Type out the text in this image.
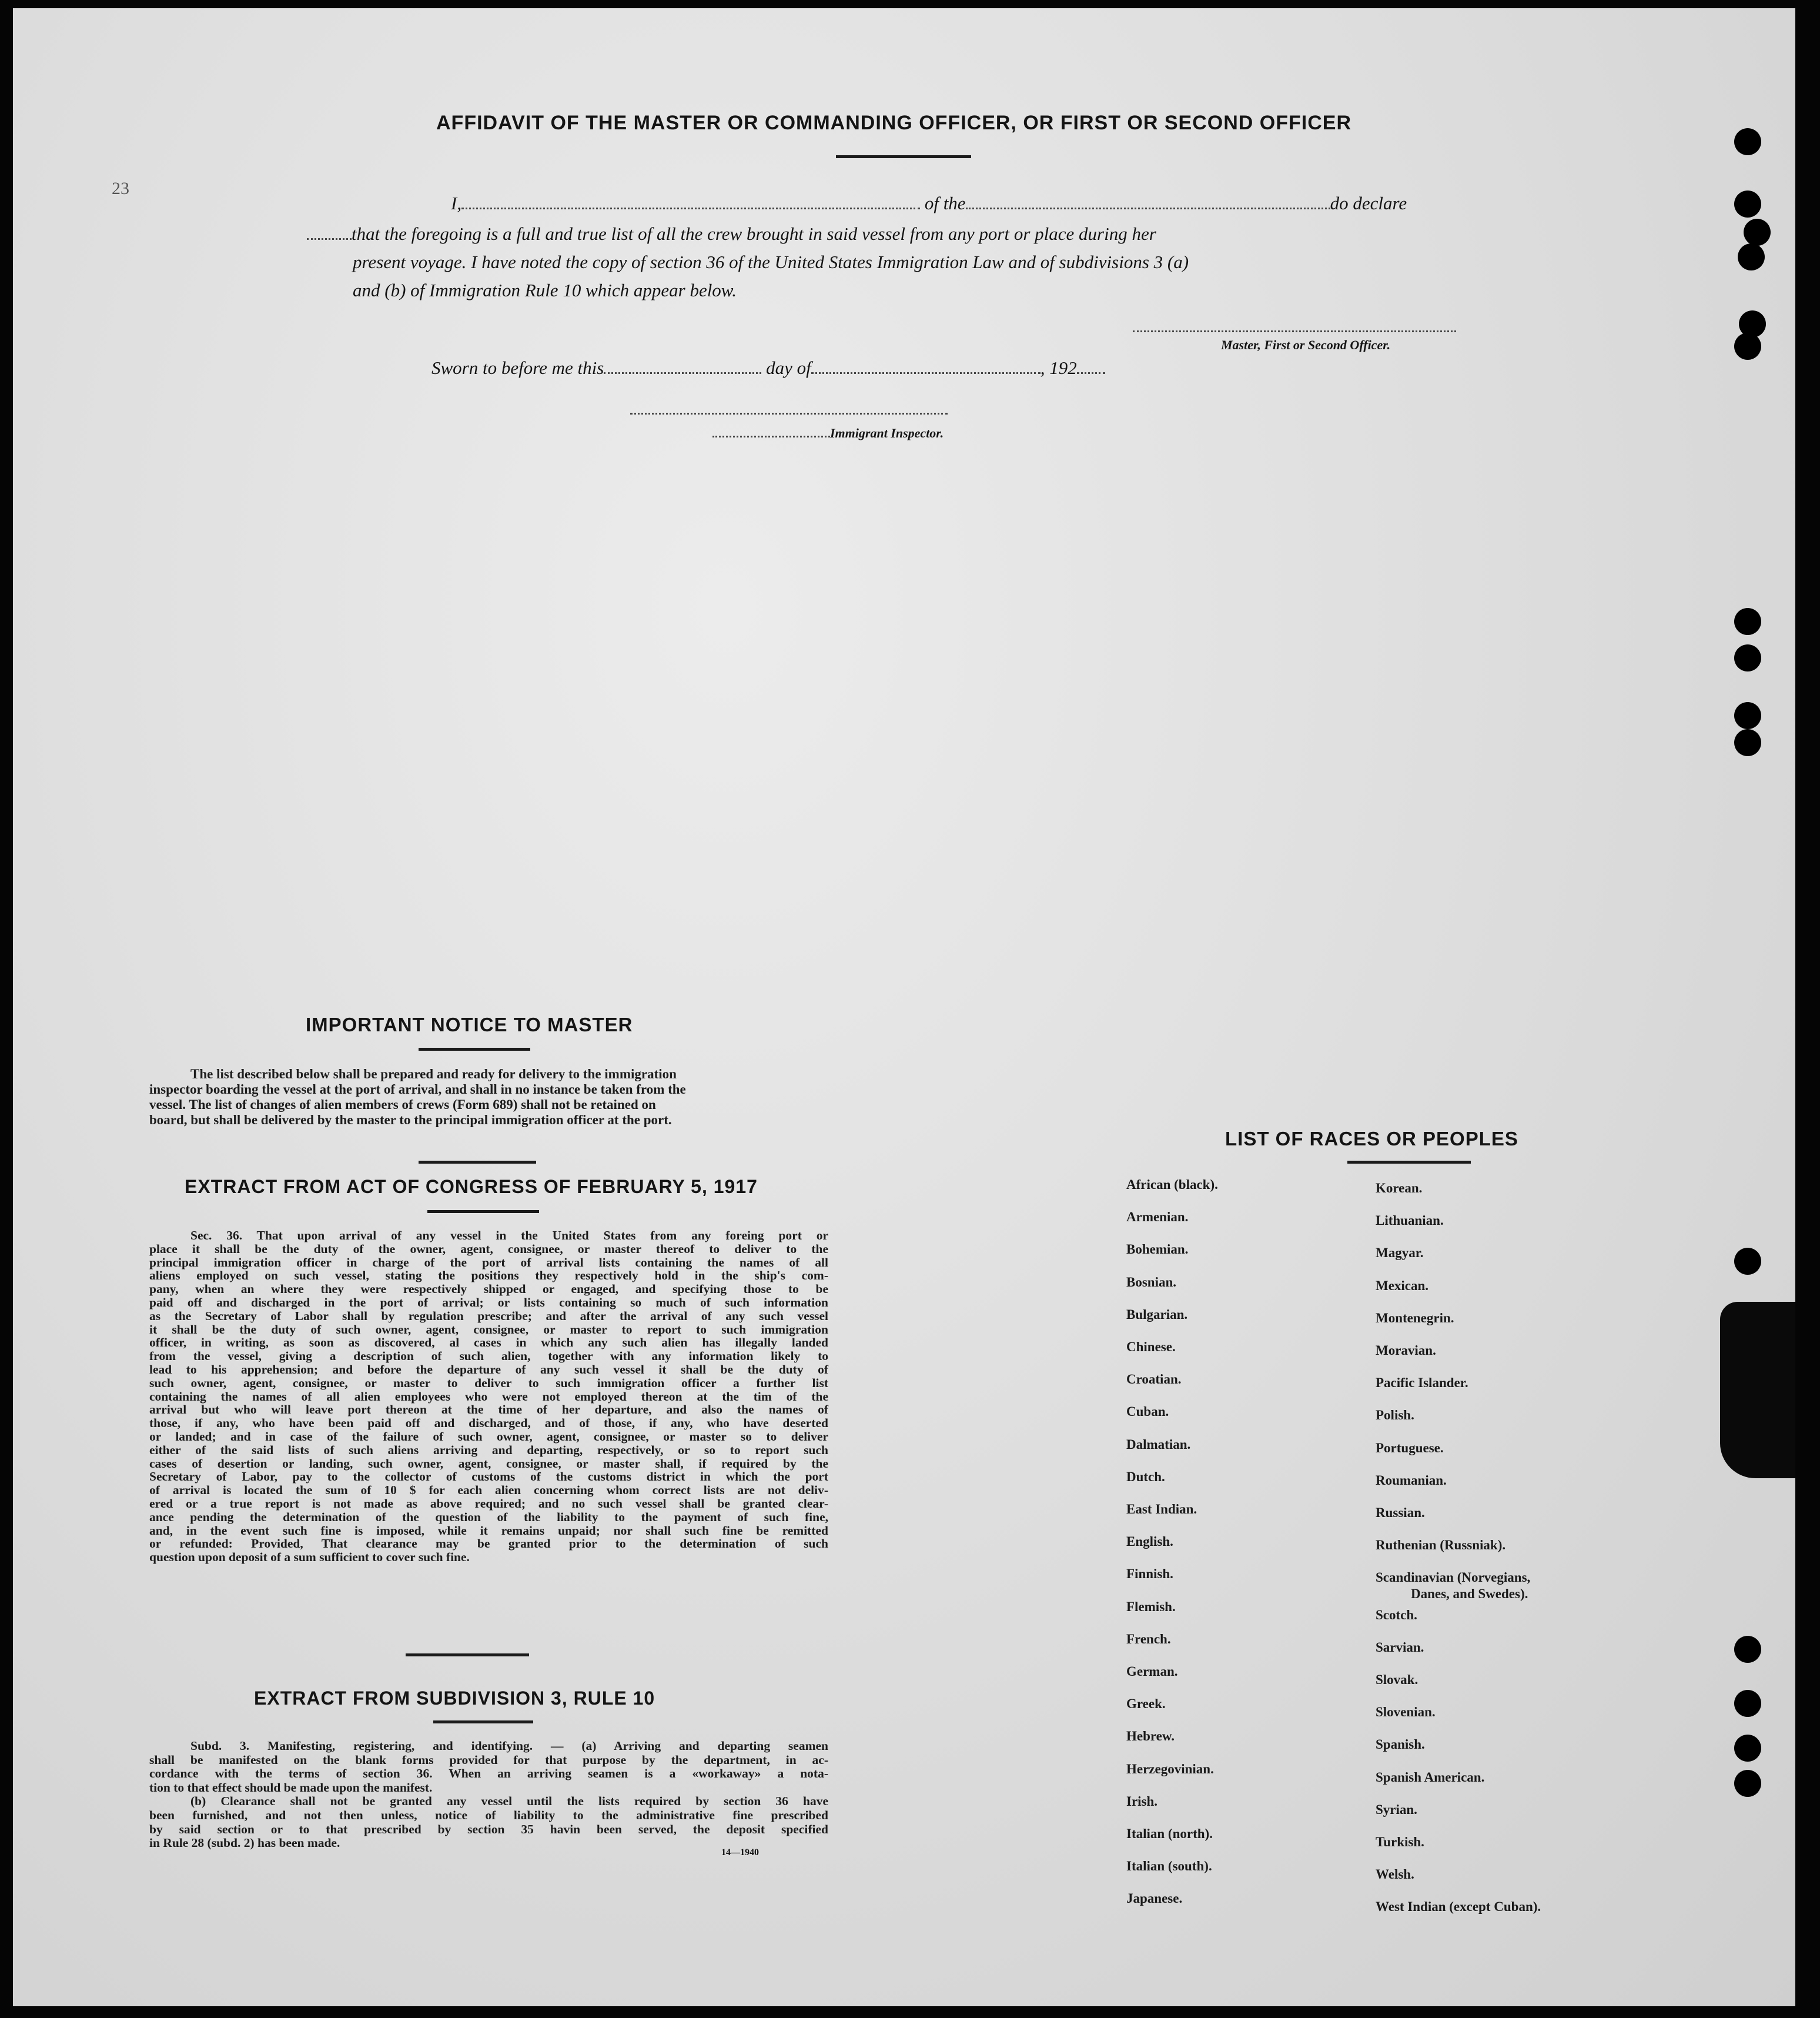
AFFIDAVIT OF THE MASTER OR COMMANDING OFFICER, OR FIRST OR SECOND OFFICER
23
I,	of the	do declare
that the foregoing is a full and true list of all the crew brought in said vessel from any port or place during her
present voyage. I have noted the copy of section 36 of the United States Immigration Law and of subdivisions 3 (a)
and (b) of Immigration Rule 10 which appear below.
Master, First or Second Officer.
Sworn to before me this	day of	, 192
Immigrant Inspector.
IMPORTANT NOTICE TO MASTER
The list described below shall be prepared and ready for delivery to the immigration
inspector boarding the vessel at the port of arrival, and shall in no instance be taken from the
vessel. The list of changes of alien members of crews (Form 689) shall not be retained on
board, but shall be delivered by the master to the principal immigration officer at the port.
EXTRACT FROM ACT OF CONGRESS OF FEBRUARY 5, 1917
Sec. 36. That upon arrival of any vessel in the United States from any foreing port or
place it shall be the duty of the owner, agent, consignee, or master thereof to deliver to the
principal immigration officer in charge of the port of arrival lists containing the names of all
aliens employed on such vessel, stating the positions they respectively hold in the ship's com-
pany, when an where they were respectively shipped or engaged, and specifying those to be
paid off and discharged in the port of arrival; or lists containing so much of such information
as the Secretary of Labor shall by regulation prescribe; and after the arrival of any such vessel
it shall be the duty of such owner, agent, consignee, or master to report to such immigration
officer, in writing, as soon as discovered, al cases in which any such alien has illegally landed
from the vessel, giving a description of such alien, together with any information likely to
lead to his apprehension; and before the departure of any such vessel it shall be the duty of
such owner, agent, consignee, or master to deliver to such immigration officer a further list
containing the names of all alien employees who were not employed thereon at the tim of the
arrival but who will leave port thereon at the time of her departure, and also the names of
those, if any, who have been paid off and discharged, and of those, if any, who have deserted
or landed; and in case of the failure of such owner, agent, consignee, or master so to deliver
either of the said lists of such aliens arriving and departing, respectively, or so to report such
cases of desertion or landing, such owner, agent, consignee, or master shall, if required by the
Secretary of Labor, pay to the collector of customs of the customs district in which the port
of arrival is located the sum of 10 $ for each alien concerning whom correct lists are not deliv-
ered or a true report is not made as above required; and no such vessel shall be granted clear-
ance pending the determination of the question of the liability to the payment of such fine,
and, in the event such fine is imposed, while it remains unpaid; nor shall such fine be remitted
or refunded: Provided, That clearance may be granted prior to the determination of such
question upon deposit of a sum sufficient to cover such fine.
EXTRACT FROM SUBDIVISION 3, RULE 10
Subd. 3. Manifesting, registering, and identifying. — (a) Arriving and departing seamen
shall be manifested on the blank forms provided for that purpose by the department, in ac-
cordance with the terms of section 36. When an arriving seamen is a «workaway» a nota-
tion to that effect should be made upon the manifest.
(b) Clearance shall not be granted any vessel until the lists required by section 36 have
been furnished, and not then unless, notice of liability to the administrative fine prescribed
by said section or to that prescribed by section 35 havin been served, the deposit specified
in Rule 28 (subd. 2) has been made.
14—1940
LIST OF RACES OR PEOPLES
African (black).
Armenian.
Bohemian.
Bosnian.
Bulgarian.
Chinese.
Croatian.
Cuban.
Dalmatian.
Dutch.
East Indian.
English.
Finnish.
Flemish.
French.
German.
Greek.
Hebrew.
Herzegovinian.
Irish.
Italian (north).
Italian (south).
Japanese.
Korean.
Lithuanian.
Magyar.
Mexican.
Montenegrin.
Moravian.
Pacific Islander.
Polish.
Portuguese.
Roumanian.
Russian.
Ruthenian (Russniak).
Scandinavian (Norvegians,
Danes, and Swedes).
Scotch.
Sarvian.
Slovak.
Slovenian.
Spanish.
Spanish American.
Syrian.
Turkish.
Welsh.
West Indian (except Cuban).
